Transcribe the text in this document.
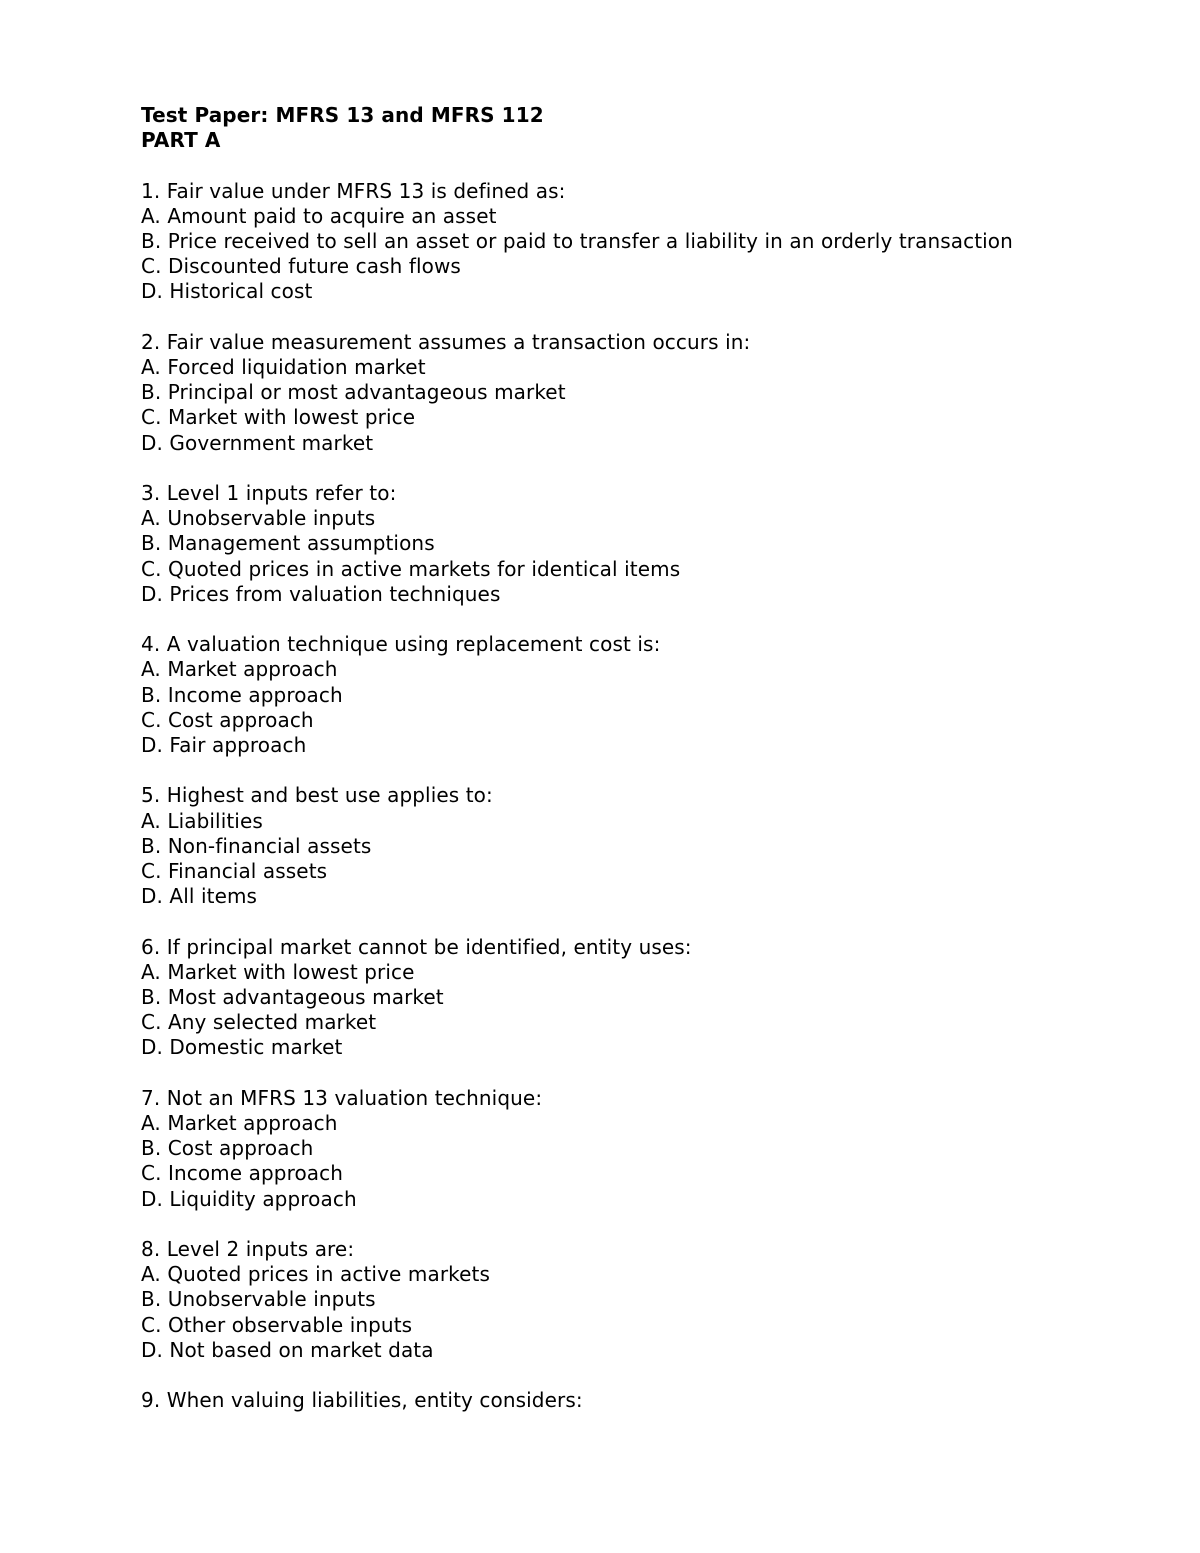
Test Paper: MFRS 13 and MFRS 112

PART A

1. Fair value under MFRS 13 is defined as:

A. Amount paid to acquire an asset

B. Price received to sell an asset or paid to transfer a liability in an orderly transaction

C. Discounted future cash flows

D. Historical cost

2. Fair value measurement assumes a transaction occurs in:

A. Forced liquidation market

B. Principal or most advantageous market

C. Market with lowest price

D. Government market

3. Level 1 inputs refer to:

A. Unobservable inputs

B. Management assumptions

C. Quoted prices in active markets for identical items

D. Prices from valuation techniques

4. A valuation technique using replacement cost is:

A. Market approach

B. Income approach

C. Cost approach

D. Fair approach

5. Highest and best use applies to:

A. Liabilities

B. Non-financial assets

C. Financial assets

D. All items

6. If principal market cannot be identified, entity uses:

A. Market with lowest price

B. Most advantageous market

C. Any selected market

D. Domestic market

7. Not an MFRS 13 valuation technique:

A. Market approach

B. Cost approach

C. Income approach

D. Liquidity approach

8. Level 2 inputs are:

A. Quoted prices in active markets

B. Unobservable inputs

C. Other observable inputs

D. Not based on market data

9. When valuing liabilities, entity considers:
